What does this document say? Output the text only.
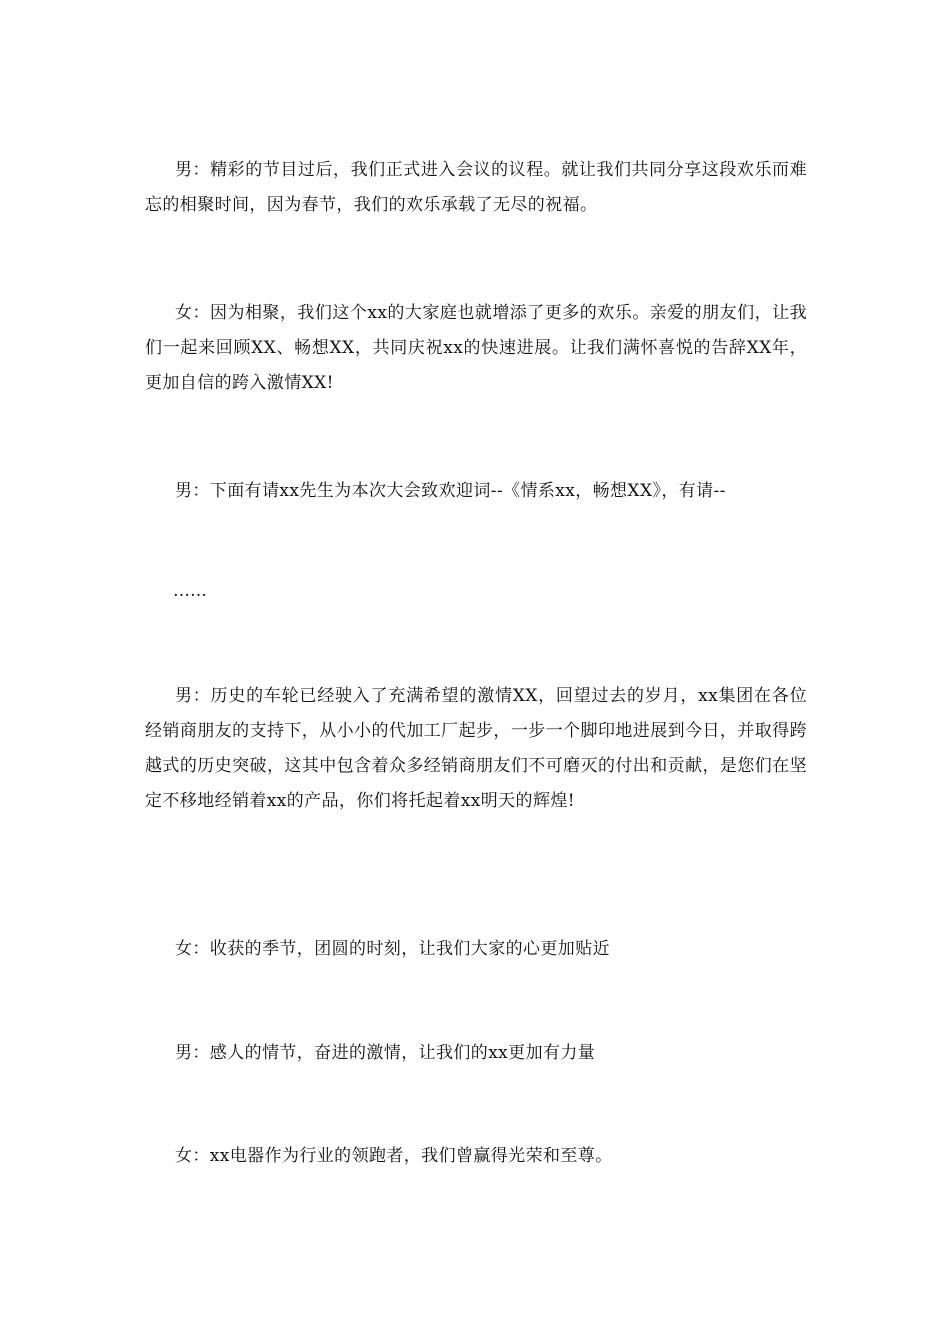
男：精彩的节目过后，我们正式进入会议的议程。就让我们共同分享这段欢乐而难忘的相聚时间，因为春节，我们的欢乐承载了无尽的祝福。

女：因为相聚，我们这个xx的大家庭也就增添了更多的欢乐。亲爱的朋友们，让我们一起来回顾XX、畅想XX，共同庆祝xx的快速进展。让我们满怀喜悦的告辞XX年，更加自信的跨入激情XX!

男：下面有请xx先生为本次大会致欢迎词--《情系xx，畅想XX》，有请--

……

男：历史的车轮已经驶入了充满希望的激情XX，回望过去的岁月，xx集团在各位经销商朋友的支持下，从小小的代加工厂起步，一步一个脚印地进展到今日，并取得跨越式的历史突破，这其中包含着众多经销商朋友们不可磨灭的付出和贡献，是您们在坚定不移地经销着xx的产品，你们将托起着xx明天的辉煌!

女：收获的季节，团圆的时刻，让我们大家的心更加贴近

男：感人的情节，奋进的激情，让我们的xx更加有力量

女：xx电器作为行业的领跑者，我们曾赢得光荣和至尊。
